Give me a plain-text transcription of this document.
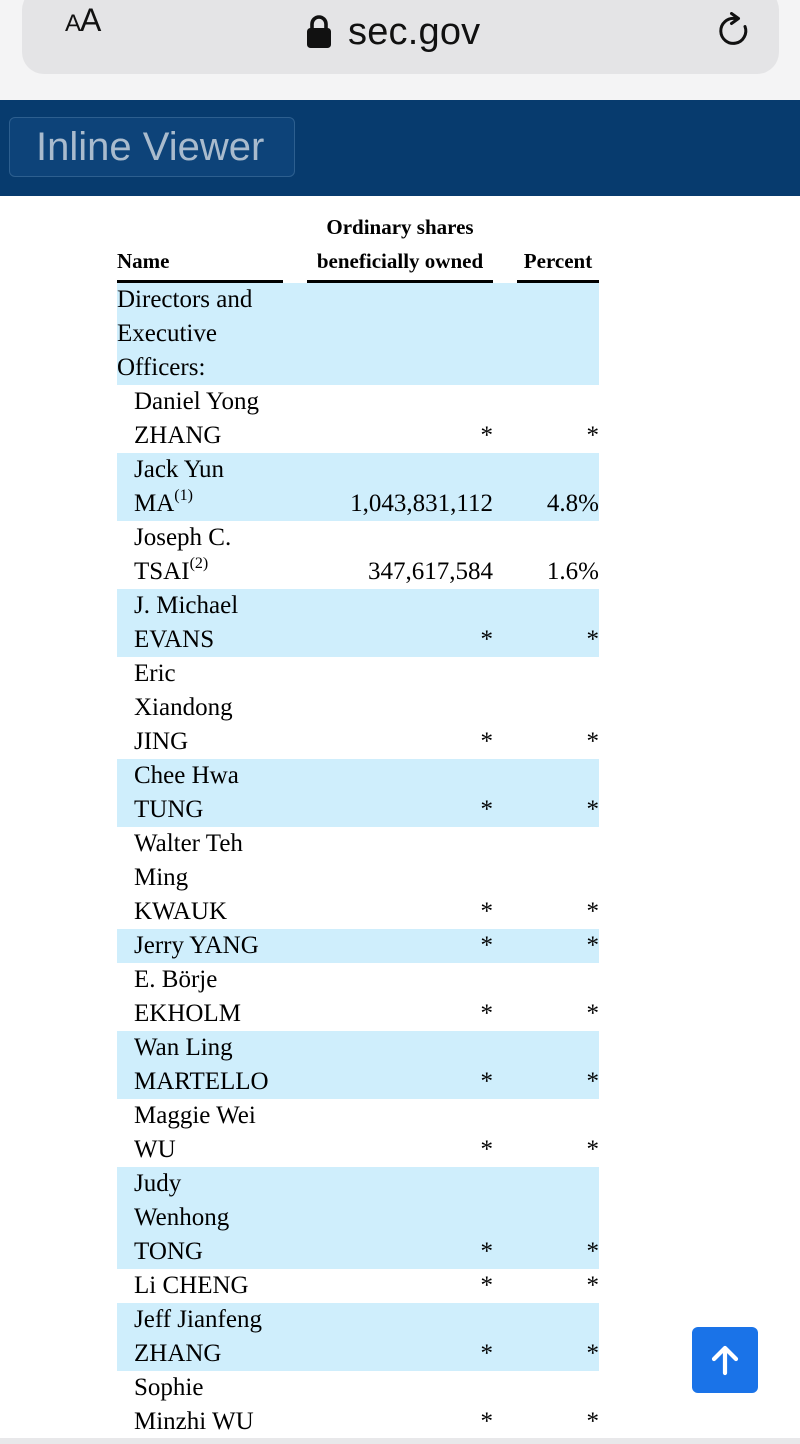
AA	sec.gov
Inline Viewer
Name		Ordinary shares
beneficially owned		Percent

Directors and
Executive
Officers:				
Daniel Yong
ZHANG		*		*
Jack Yun
MA$^{(1)}$		1,043,831,112		4.8%
Joseph C.
TSAI$^{(2)}$		347,617,584		1.6%
J. Michael
EVANS		*		*
Eric
Xiandong
JING		*		*
Chee Hwa
TUNG		*		*
Walter Teh
Ming
KWAUK		*		*
Jerry YANG		*		*
E. Börje
EKHOLM		*		*
Wan Ling
MARTELLO		*		*
Maggie Wei
WU		*		*
Judy
Wenhong
TONG		*		*
Li CHENG		*		*
Jeff Jianfeng
ZHANG		*		*
Sophie
Minzhi WU		*		*
